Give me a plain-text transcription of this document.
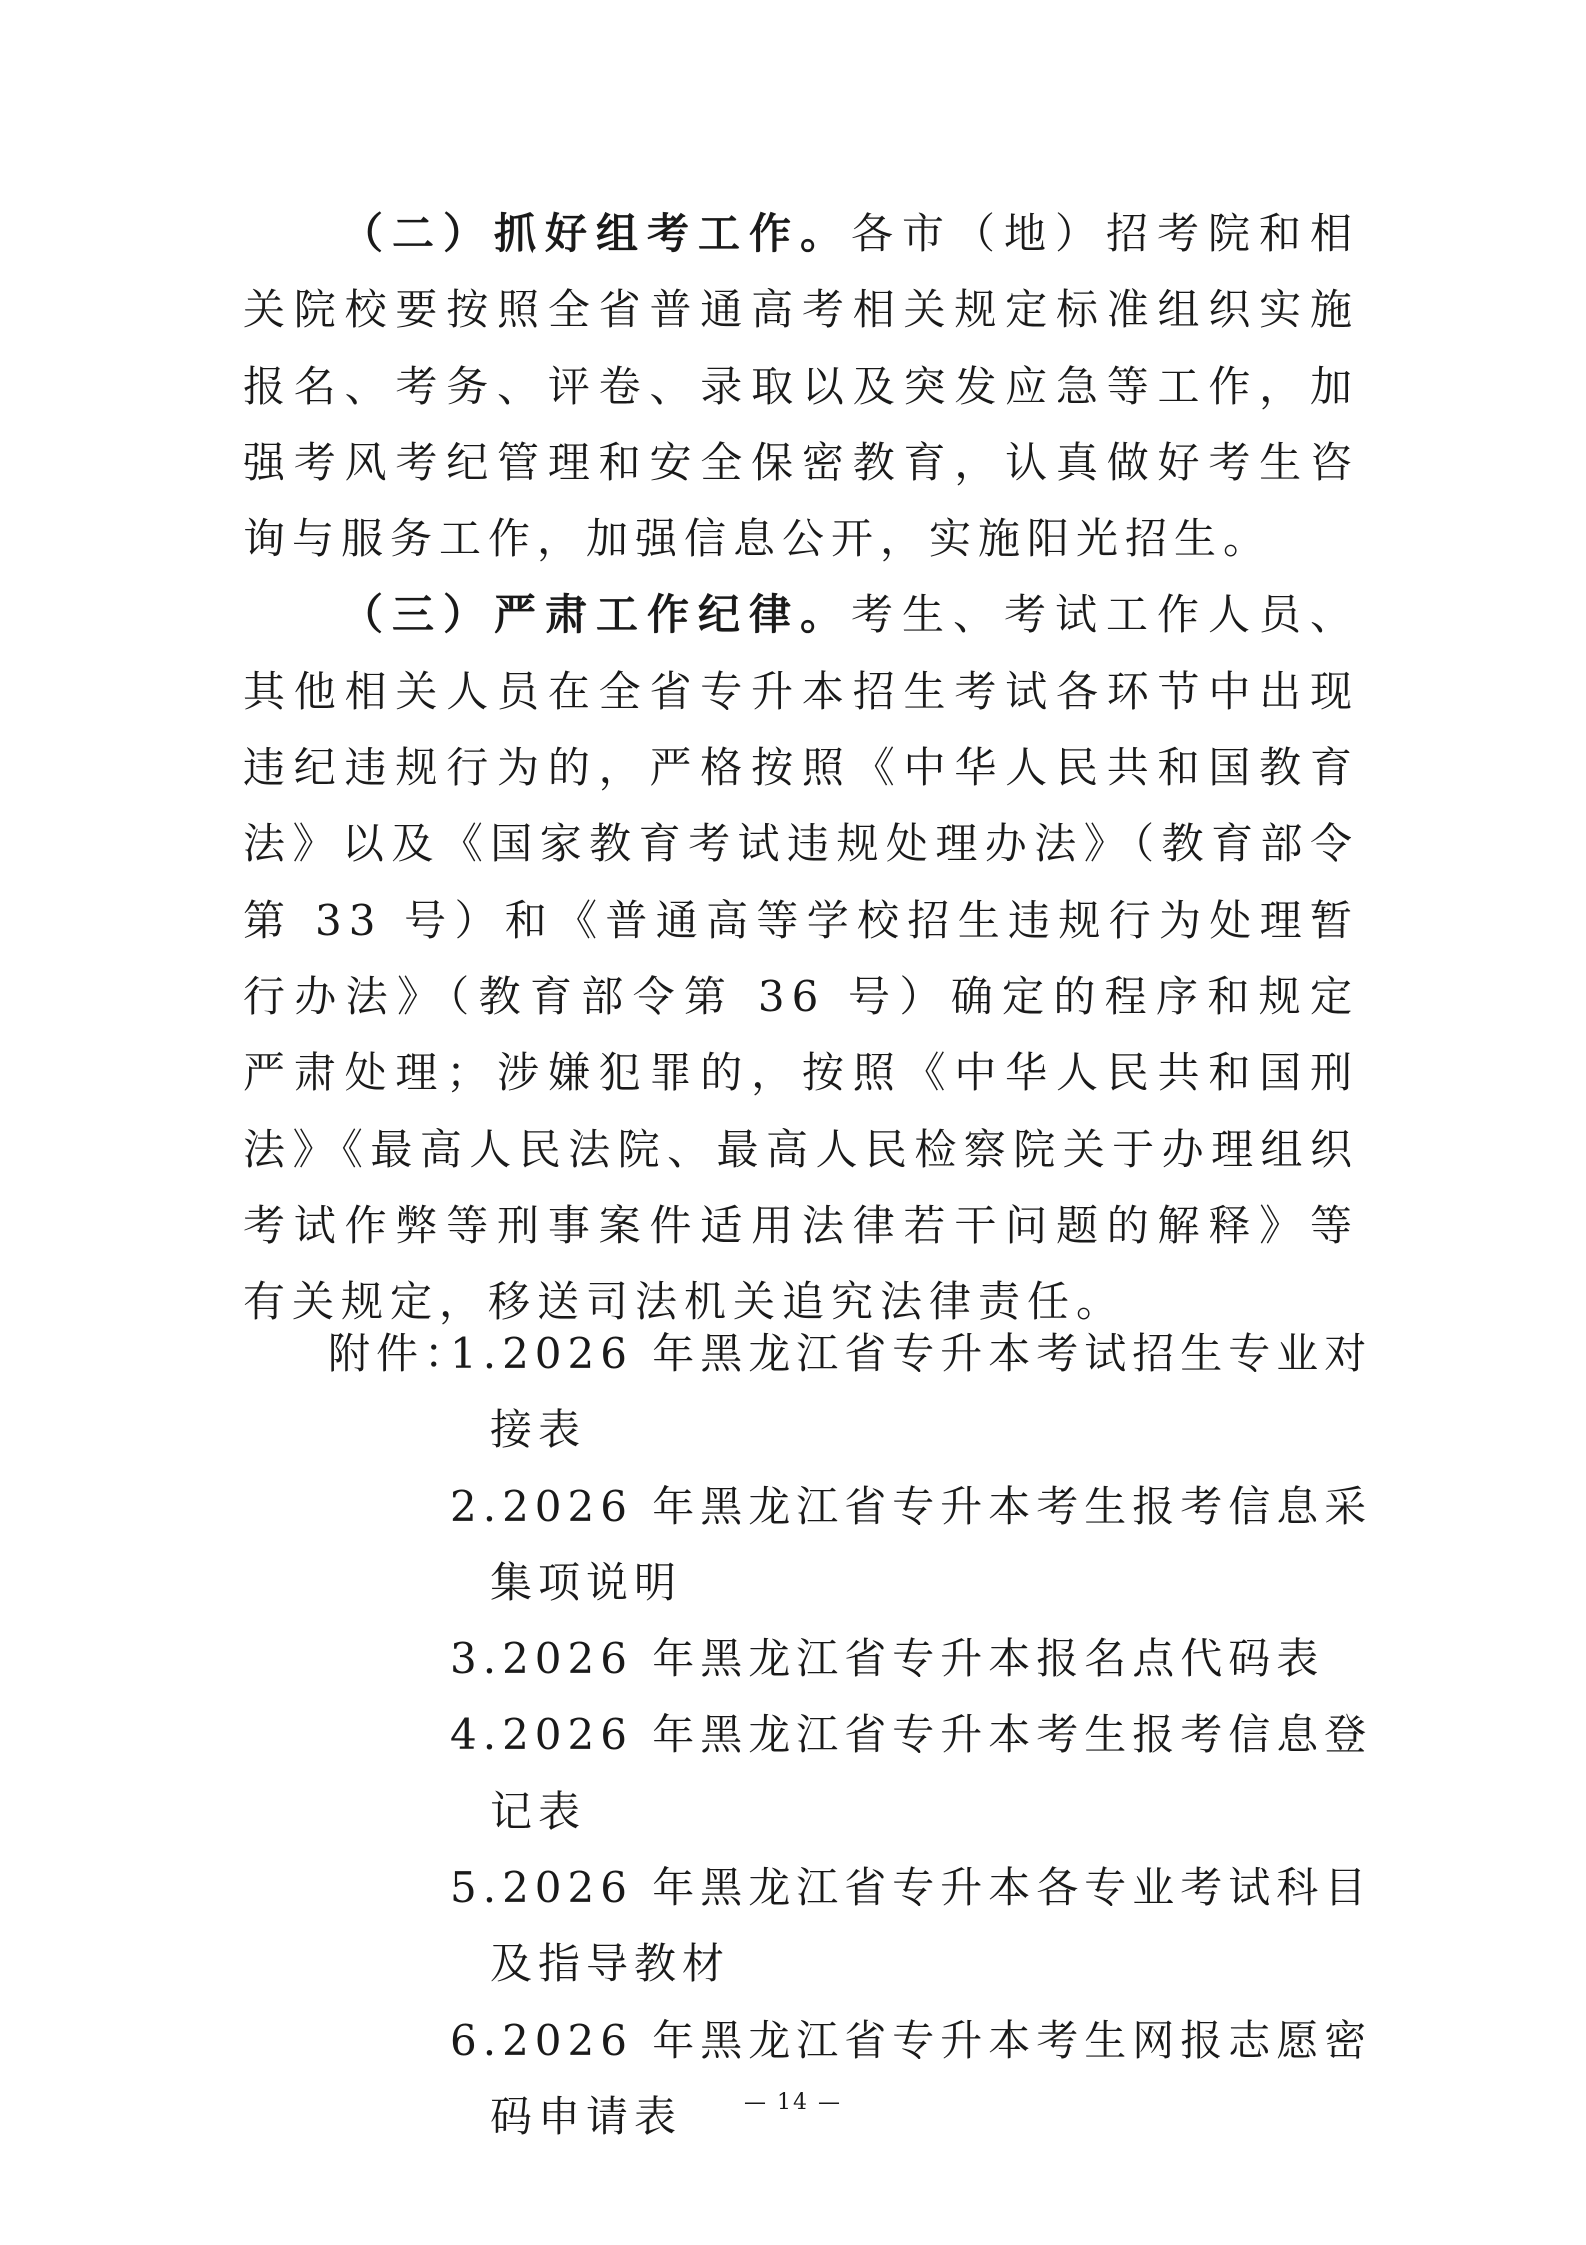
（二）抓好组考工作。各市（地）招考院和相关院校要按照全省普通高考相关规定标准组织实施报名、考务、评卷、录取以及突发应急等工作，加强考风考纪管理和安全保密教育，认真做好考生咨询与服务工作，加强信息公开，实施阳光招生。

（三）严肃工作纪律。考生、考试工作人员、其他相关人员在全省专升本招生考试各环节中出现违纪违规行为的，严格按照《中华人民共和国教育法》以及《国家教育考试违规处理办法》（教育部令第 33 号）和《普通高等学校招生违规行为处理暂行办法》（教育部令第 36 号）确定的程序和规定严肃处理；涉嫌犯罪的，按照《中华人民共和国刑法》《最高人民法院、最高人民检察院关于办理组织考试作弊等刑事案件适用法律若干问题的解释》等有关规定，移送司法机关追究法律责任。

附件：
1.2026 年黑龙江省专升本考试招生专业对接表
2.2026 年黑龙江省专升本考生报考信息采集项说明
3.2026 年黑龙江省专升本报名点代码表
4.2026 年黑龙江省专升本考生报考信息登记表
5.2026 年黑龙江省专升本各专业考试科目及指导教材
6.2026 年黑龙江省专升本考生网报志愿密码申请表	— 14 —
